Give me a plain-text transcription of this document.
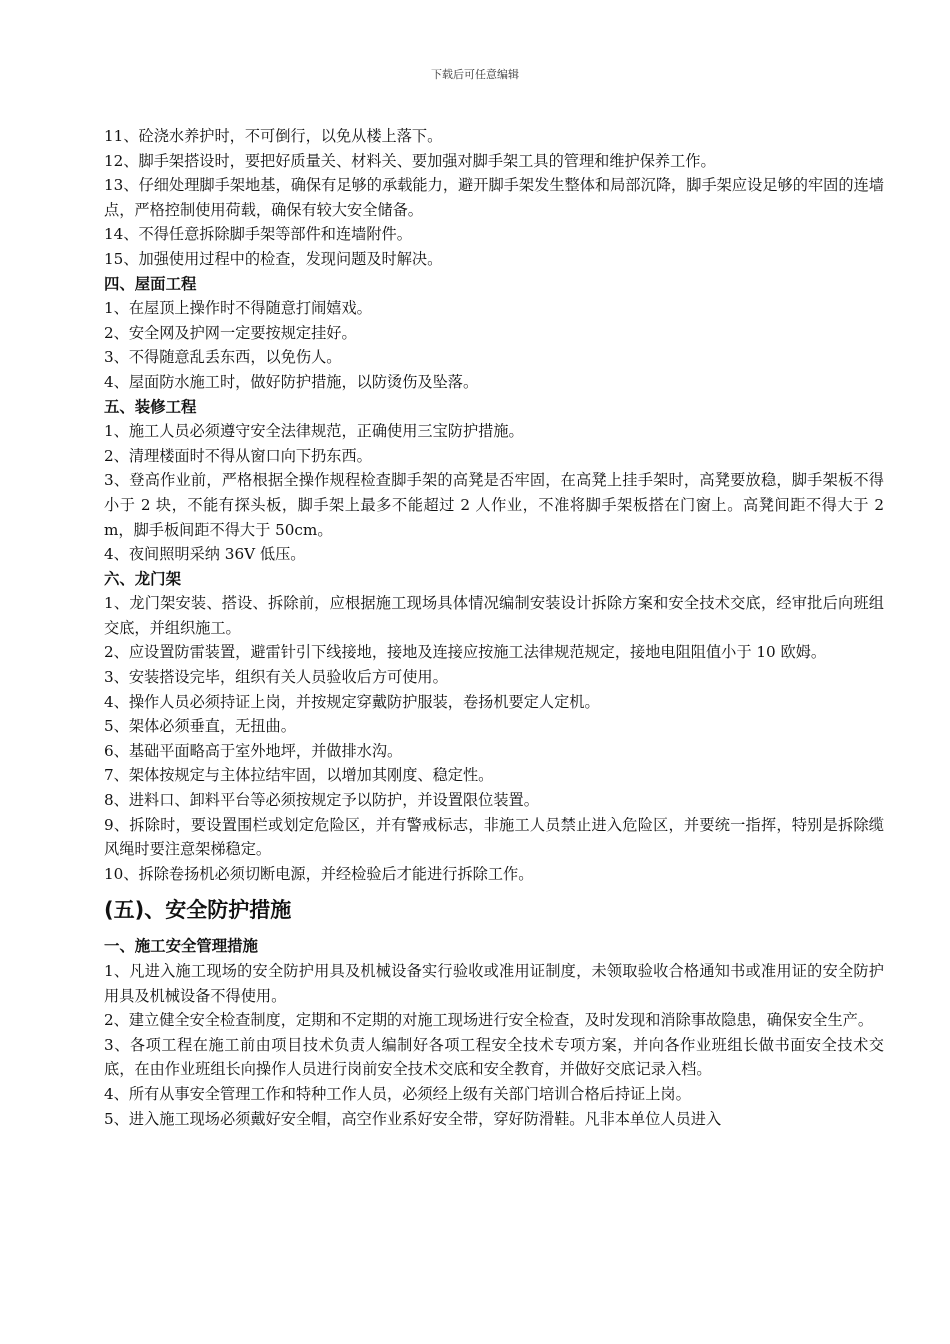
下载后可任意编辑
11、砼浇水养护时，不可倒行，以免从楼上落下。
12、脚手架搭设时，要把好质量关、材料关、要加强对脚手架工具的管理和维护保养工作。
13、仔细处理脚手架地基，确保有足够的承载能力，避开脚手架发生整体和局部沉降，脚手架应设足够的牢固的连墙点，严格控制使用荷载，确保有较大安全储备。
14、不得任意拆除脚手架等部件和连墙附件。
15、加强使用过程中的检查，发现问题及时解决。
四、屋面工程
1、在屋顶上操作时不得随意打闹嬉戏。
2、安全网及护网一定要按规定挂好。
3、不得随意乱丢东西，以免伤人。
4、屋面防水施工时，做好防护措施，以防烫伤及坠落。
五、装修工程
1、施工人员必须遵守安全法律规范，正确使用三宝防护措施。
2、清理楼面时不得从窗口向下扔东西。
3、登高作业前，严格根据全操作规程检查脚手架的高凳是否牢固，在高凳上挂手架时，高凳要放稳，脚手架板不得小于 2 块，不能有探头板，脚手架上最多不能超过 2 人作业，不准将脚手架板搭在门窗上。高凳间距不得大于 2m，脚手板间距不得大于 50cm。
4、夜间照明采纳 36V 低压。
六、龙门架
1、龙门架安装、搭设、拆除前，应根据施工现场具体情况编制安装设计拆除方案和安全技术交底，经审批后向班组交底，并组织施工。
2、应设置防雷装置，避雷针引下线接地，接地及连接应按施工法律规范规定，接地电阻阻值小于 10 欧姆。
3、安装搭设完毕，组织有关人员验收后方可使用。
4、操作人员必须持证上岗，并按规定穿戴防护服装，卷扬机要定人定机。
5、架体必须垂直，无扭曲。
6、基础平面略高于室外地坪，并做排水沟。
7、架体按规定与主体拉结牢固，以增加其刚度、稳定性。
8、进料口、卸料平台等必须按规定予以防护，并设置限位装置。
9、拆除时，要设置围栏或划定危险区，并有警戒标志，非施工人员禁止进入危险区，并要统一指挥，特别是拆除缆风绳时要注意架梯稳定。
10、拆除卷扬机必须切断电源，并经检验后才能进行拆除工作。
(五)、安全防护措施
一、施工安全管理措施
1、凡进入施工现场的安全防护用具及机械设备实行验收或准用证制度，未领取验收合格通知书或准用证的安全防护用具及机械设备不得使用。
2、建立健全安全检查制度，定期和不定期的对施工现场进行安全检查，及时发现和消除事故隐患，确保安全生产。
3、各项工程在施工前由项目技术负责人编制好各项工程安全技术专项方案，并向各作业班组长做书面安全技术交底，在由作业班组长向操作人员进行岗前安全技术交底和安全教育，并做好交底记录入档。
4、所有从事安全管理工作和特种工作人员，必须经上级有关部门培训合格后持证上岗。
5、进入施工现场必须戴好安全帽，高空作业系好安全带，穿好防滑鞋。凡非本单位人员进入
